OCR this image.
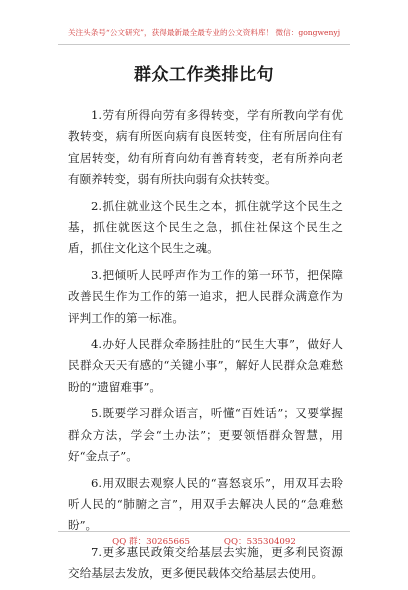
关注头条号“公文研究”，获得最新最全最专业的公文资料库！ 微信：gongwenyj
群众工作类排比句

1.劳有所得向劳有多得转变，学有所教向学有优教转变，病有所医向病有良医转变，住有所居向住有宜居转变，幼有所育向幼有善育转变，老有所养向老有颐养转变，弱有所扶向弱有众扶转变。

2.抓住就业这个民生之本，抓住就学这个民生之基，抓住就医这个民生之急，抓住社保这个民生之盾，抓住文化这个民生之魂。

3.把倾听人民呼声作为工作的第一环节，把保障改善民生作为工作的第一追求，把人民群众满意作为评判工作的第一标准。

4.办好人民群众牵肠挂肚的“民生大事”，做好人民群众天天有感的“关键小事”，解好人民群众急难愁盼的“遗留难事”。

5.既要学习群众语言，听懂“百姓话”；又要掌握群众方法，学会“土办法”；更要领悟群众智慧，用好“金点子”。

6.用双眼去观察人民的“喜怒哀乐”，用双耳去聆听人民的“肺腑之言”，用双手去解决人民的“急难愁盼”。

7.更多惠民政策交给基层去实施，更多利民资源交给基层去发放，更多便民载体交给基层去使用。

QQ 群：30265665	QQ：535304092
